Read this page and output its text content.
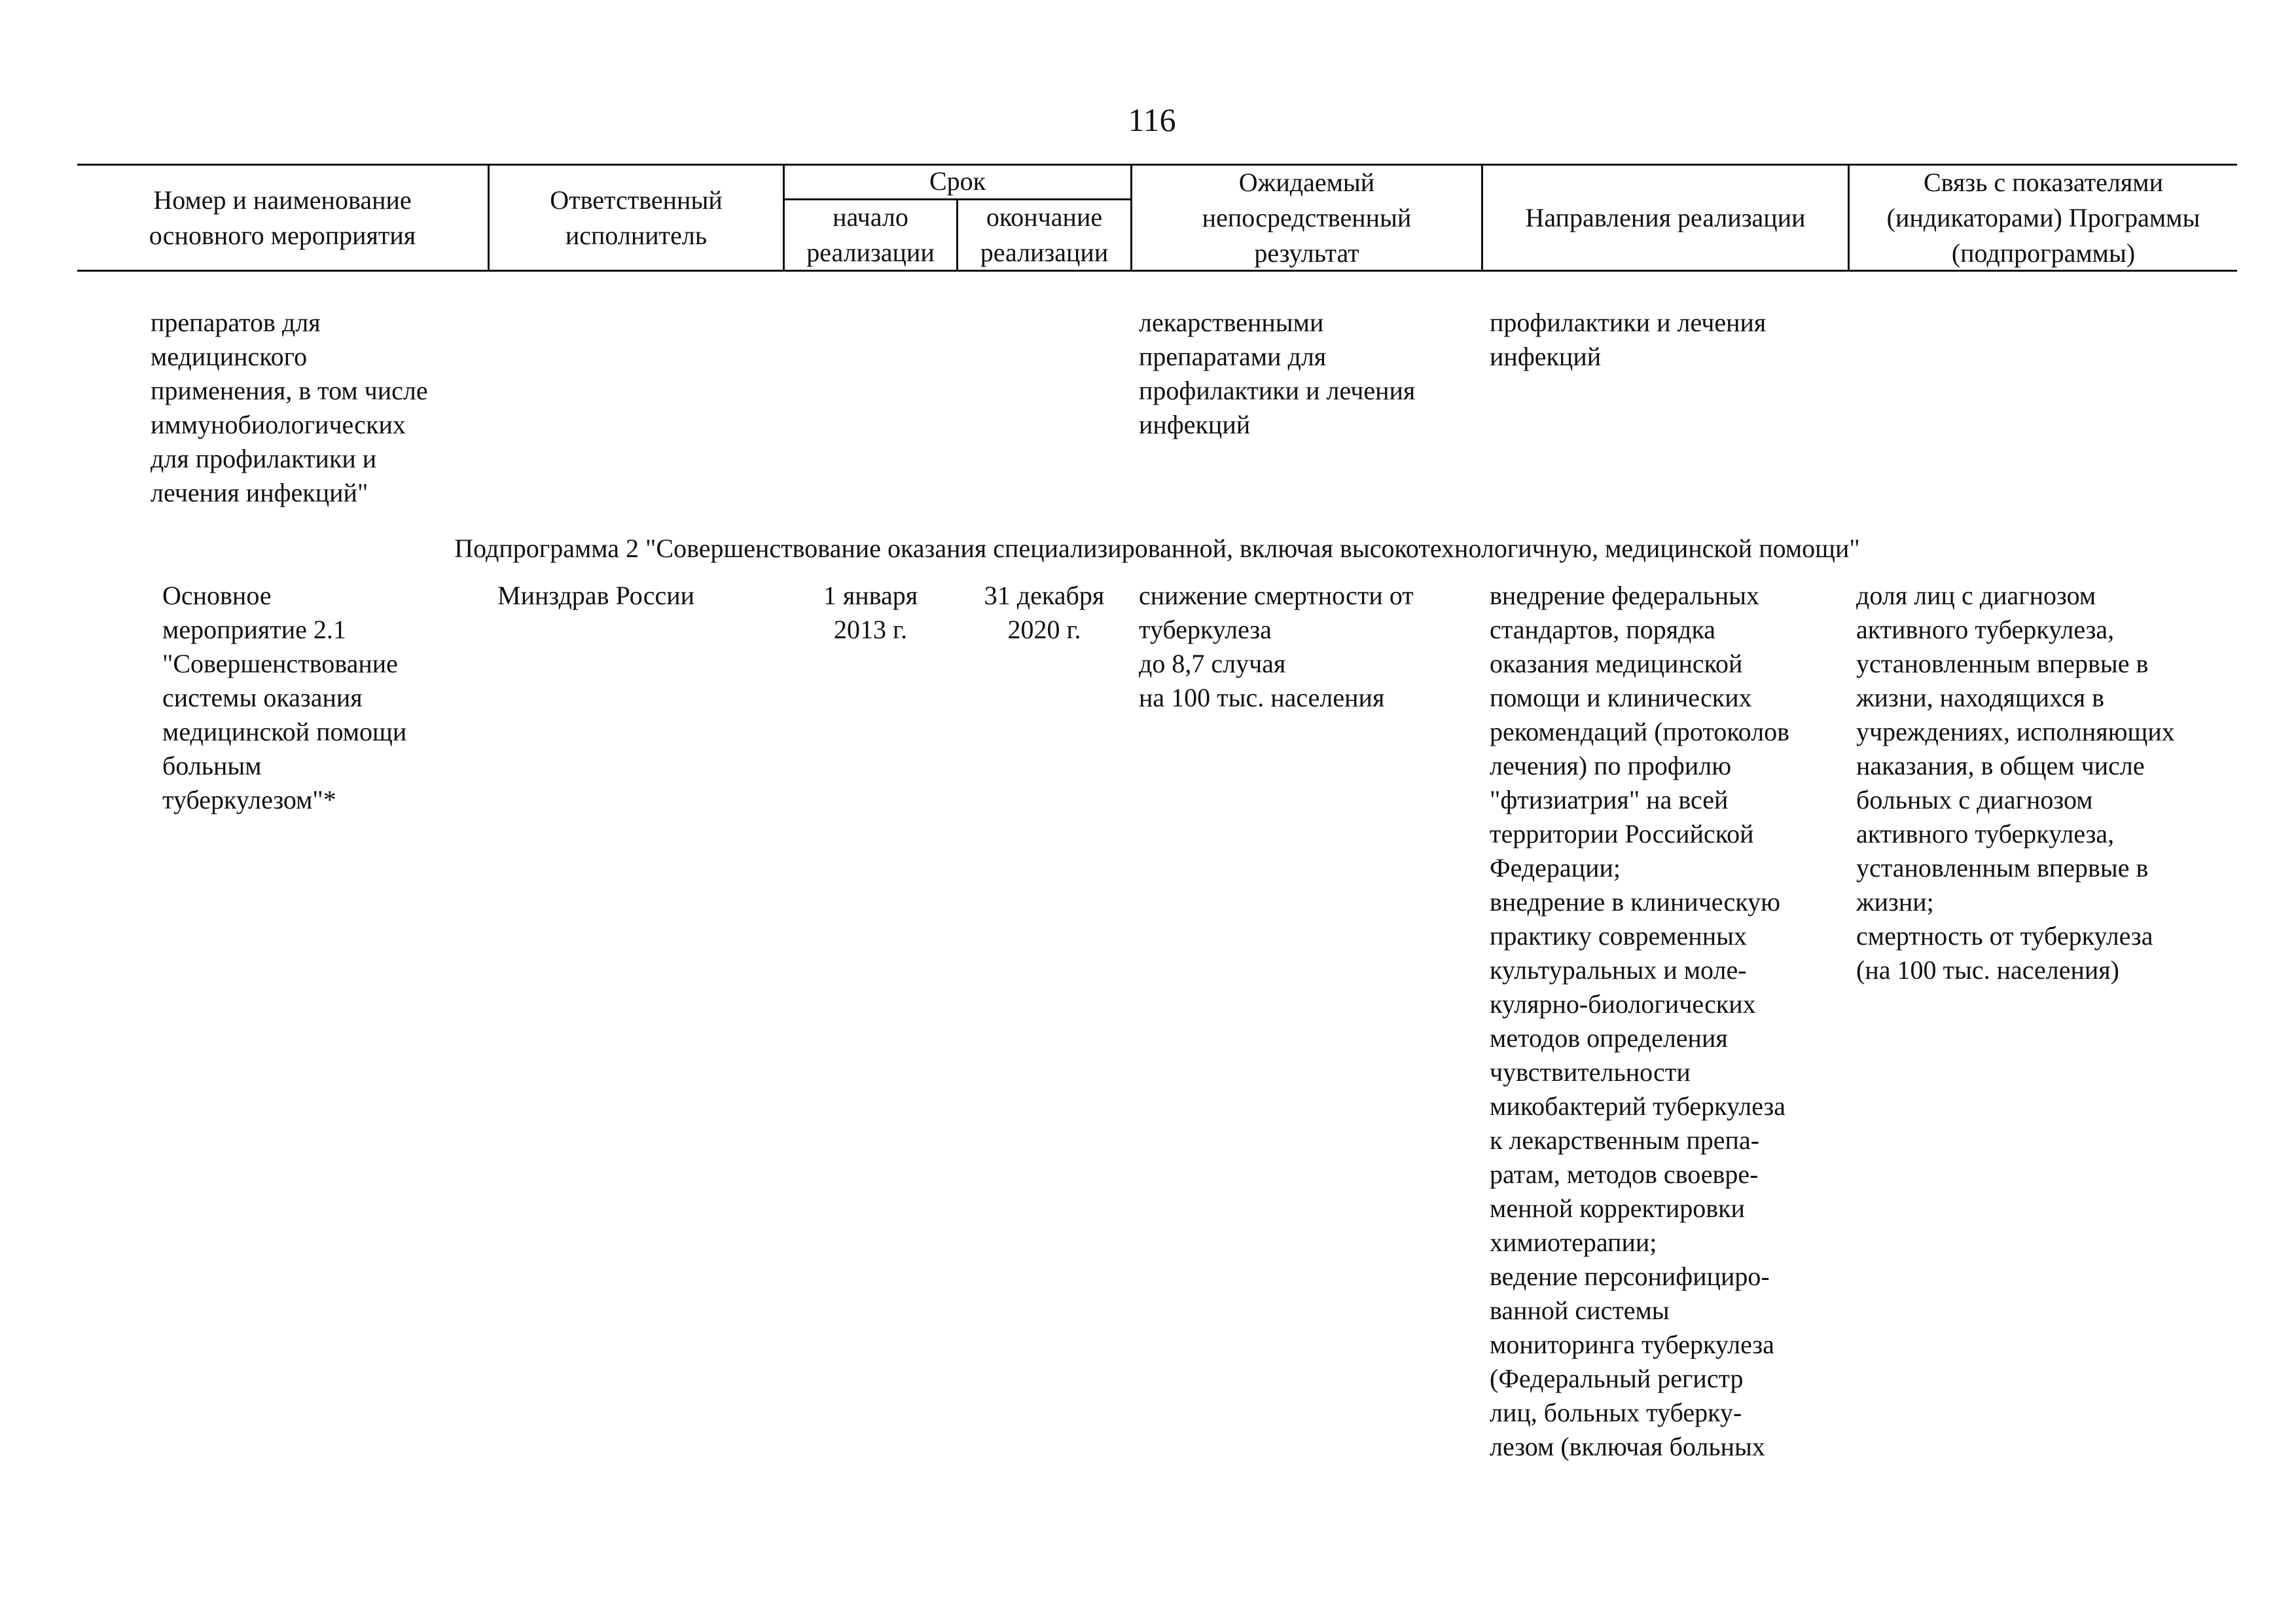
116
Номер и наименование
основного мероприятия
Ответственный
исполнитель
Срок
начало
реализации
окончание
реализации
Ожидаемый
непосредственный
результат
Направления реализации
Связь с показателями
(индикаторами) Программы
(подпрограммы)
препаратов для
медицинского
применения, в том числе
иммунобиологических
для профилактики и
лечения инфекций"
лекарственными
препаратами для
профилактики и лечения
инфекций
профилактики и лечения
инфекций
Подпрограмма 2 "Совершенствование оказания специализированной, включая высокотехнологичную, медицинской помощи"
Основное
мероприятие 2.1
"Совершенствование
системы оказания
медицинской помощи
больным
туберкулезом"*
Минздрав России	1 января
2013 г.
31 декабря
2020 г.
снижение смертности от
туберкулеза
до 8,7 случая
на 100 тыс. населения
внедрение федеральных
стандартов, порядка
оказания медицинской
помощи и клинических
рекомендаций (протоколов
лечения) по профилю
"фтизиатрия" на всей
территории Российской
Федерации;
внедрение в клиническую
практику современных
культуральных и моле-
кулярно-биологических
методов определения
чувствительности
микобактерий туберкулеза
к лекарственным препа-
ратам, методов своевре-
менной корректировки
химиотерапии;
ведение персонифициро-
ванной системы
мониторинга туберкулеза
(Федеральный регистр
лиц, больных туберку-
лезом (включая больных
доля лиц с диагнозом
активного туберкулеза,
установленным впервые в
жизни, находящихся в
учреждениях, исполняющих
наказания, в общем числе
больных с диагнозом
активного туберкулеза,
установленным впервые в
жизни;
смертность от туберкулеза
(на 100 тыс. населения)
